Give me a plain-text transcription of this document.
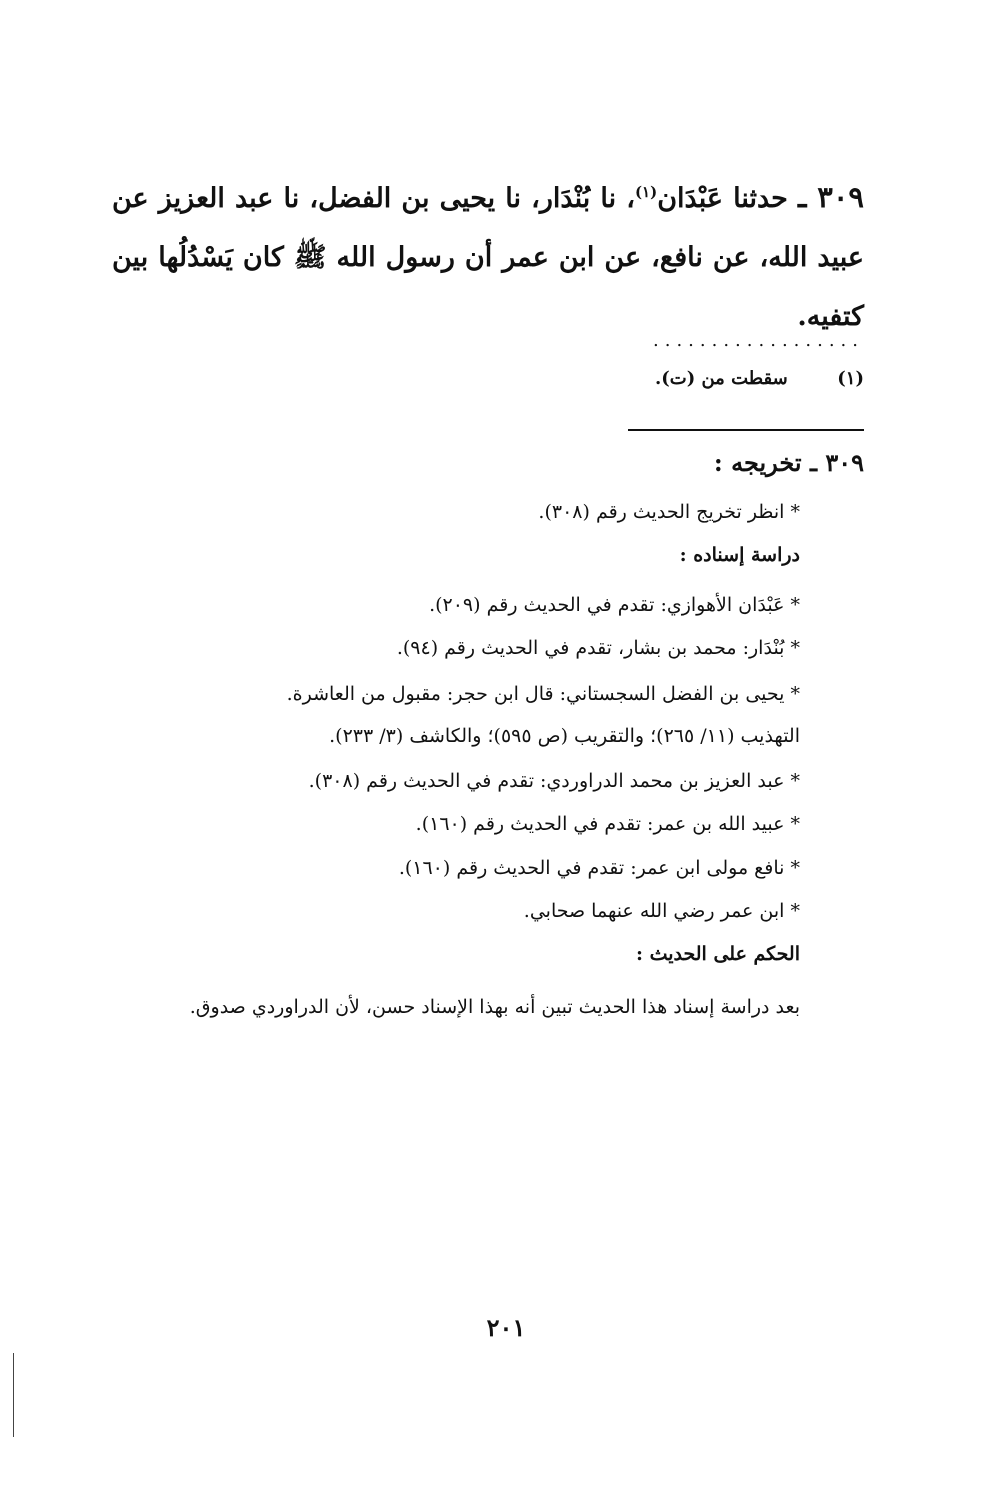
٣٠٩ ـ حدثنا عَبْدَان$^{(١)}$، نا بُنْدَار، نا يحيى بن الفضل، نا عبد العزيز عن عبيد الله، عن نافع، عن ابن عمر أن رسول الله ﷺ كان يَسْدُلُها بين كتفيه.
..................
(١) سقطت من (ت).
٣٠٩ ـ تخريجه :
* انظر تخريج الحديث رقم (٣٠٨).
دراسة إسناده :
* عَبْدَان الأهوازي: تقدم في الحديث رقم (٢٠٩).
* بُنْدَار: محمد بن بشار، تقدم في الحديث رقم (٩٤).
* يحيى بن الفضل السجستاني: قال ابن حجر: مقبول من العاشرة.
التهذيب (١١/ ٢٦٥)؛ والتقريب (ص ٥٩٥)؛ والكاشف (٣/ ٢٣٣).
* عبد العزيز بن محمد الدراوردي: تقدم في الحديث رقم (٣٠٨).
* عبيد الله بن عمر: تقدم في الحديث رقم (١٦٠).
* نافع مولى ابن عمر: تقدم في الحديث رقم (١٦٠).
* ابن عمر رضي الله عنهما صحابي.
الحكم على الحديث :
بعد دراسة إسناد هذا الحديث تبين أنه بهذا الإسناد حسن، لأن الدراوردي صدوق.
٢٠١
